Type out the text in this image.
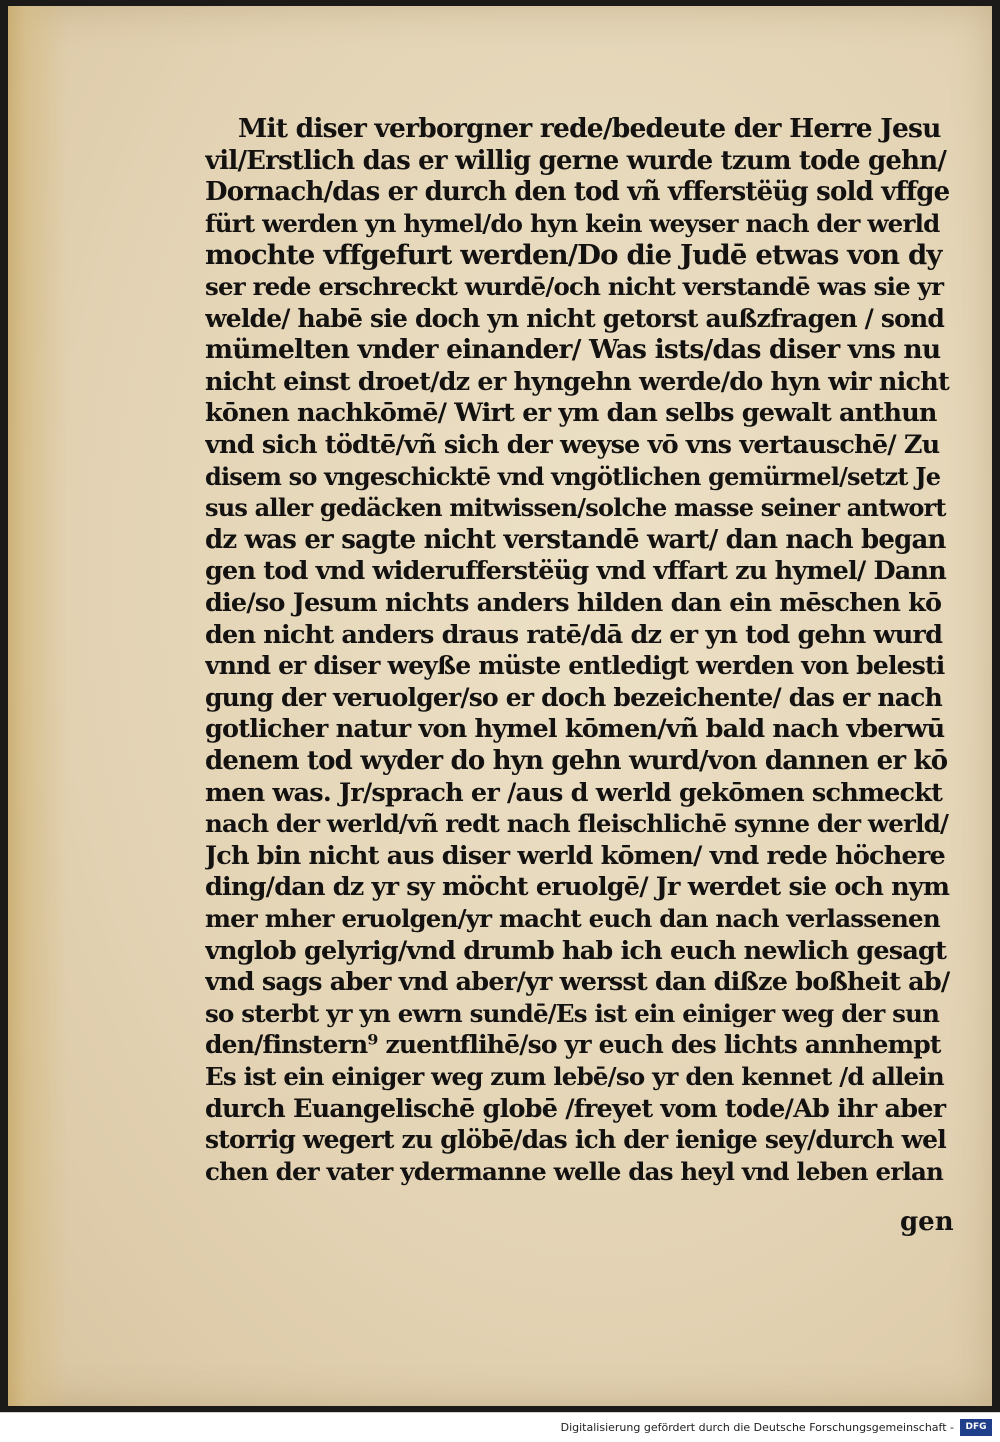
Mit diser verborgner rede/bedeute der Herre Jesu
vil/Erstlich das er willig gerne wurde tzum tode gehn/
Dornach/das er durch den tod vñ vfferstëüg sold vffge
fürt werden yn hymel/do hyn kein weyser nach der werld
mochte vffgefurt werden/Do die Judē etwas von dy
ser rede erschreckt wurdē/och nicht verstandē was sie yr
welde/ habē sie doch yn nicht getorst außzfragen / sond
mümelten vnder einander/ Was ists/das diser vns nu
nicht einst droet/dz er hyngehn werde/do hyn wir nicht
kōnen nachkōmē/ Wirt er ym dan selbs gewalt anthun
vnd sich tödtē/vñ sich der weyse vō vns vertauschē/ Zu
disem so vngeschicktē vnd vngötlichen gemürmel/setzt Je
sus aller gedäcken mitwissen/solche masse seiner antwort
dz was er sagte nicht verstandē wart/ dan nach began
gen tod vnd widerufferstëüg vnd vffart zu hymel/ Dann
die/so Jesum nichts anders hilden dan ein mēschen kō
den nicht anders draus ratē/dā dz er yn tod gehn wurd
vnnd er diser weyße müste entledigt werden von belesti
gung der veruolger/so er doch bezeichente/ das er nach
gotlicher natur von hymel kōmen/vñ bald nach vberwū
denem tod wyder do hyn gehn wurd/von dannen er kō
men was. Jr/sprach er /aus d werld gekōmen schmeckt
nach der werld/vñ redt nach fleischlichē synne der werld/
Jch bin nicht aus diser werld kōmen/ vnd rede höchere
ding/dan dz yr sy möcht eruolgē/ Jr werdet sie och nym
mer mher eruolgen/yr macht euch dan nach verlassenen
vnglob gelyrig/vnd drumb hab ich euch newlich gesagt
vnd sags aber vnd aber/yr wersst dan dißze boßheit ab/
so sterbt yr yn ewrn sundē/Es ist ein einiger weg der sun
den/finstern⁹ zuentflihē/so yr euch des lichts annhempt
Es ist ein einiger weg zum lebē/so yr den kennet /d allein
durch Euangelischē globē /freyet vom tode/Ab ihr aber
storrig wegert zu glöbē/das ich der ienige sey/durch wel
chen der vater ydermanne welle das heyl vnd leben erlan
gen
Digitalisierung gefördert durch die Deutsche Forschungsgemeinschaft -	DFG
